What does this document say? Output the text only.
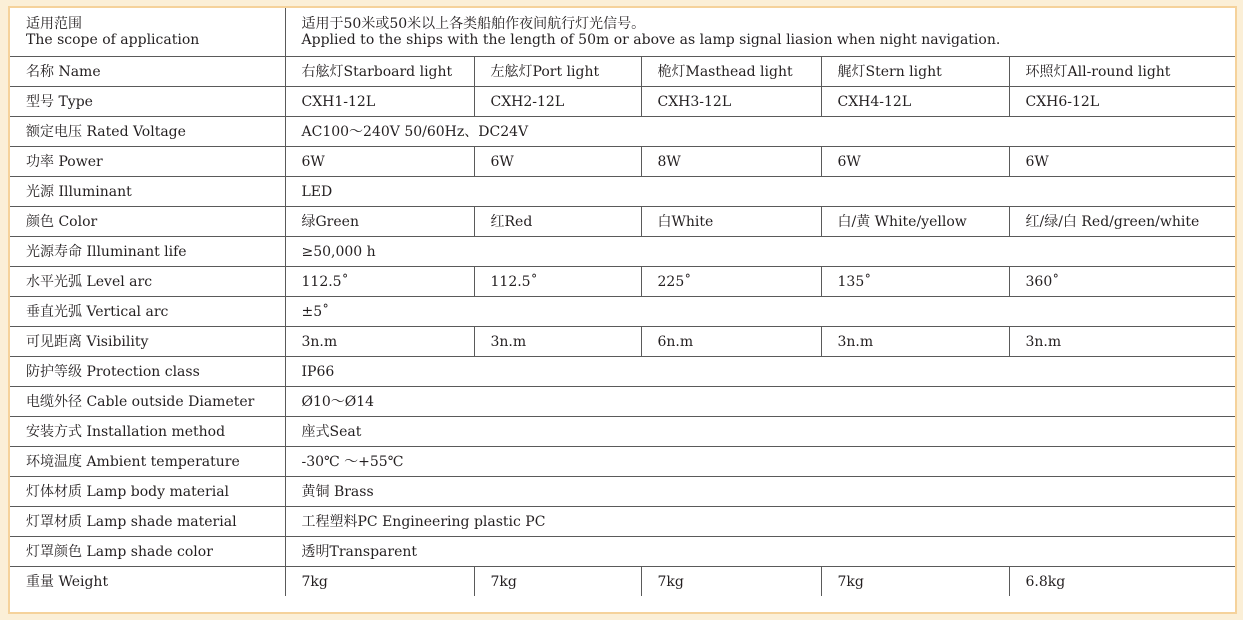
适用范围
The scope of application	适用于50米或50米以上各类船舶作夜间航行灯光信号。
Applied to the ships with the length of 50m or above as lamp signal liasion when night navigation.				

名称 Name	右舷灯Starboard light	左舷灯Port light	桅灯Masthead light	艉灯Stern light	环照灯All-round light
型号 Type	CXH1-12L	CXH2-12L	CXH3-12L	CXH4-12L	CXH6-12L
额定电压 Rated Voltage	AC100～240V 50/60Hz、DC24V				
功率 Power	6W	6W	8W	6W	6W
光源 Illuminant	LED				
颜色 Color	绿Green	红Red	白White	白/黄 White/yellow	红/绿/白 Red/green/white
光源寿命 Illuminant life	≥50,000 h				
水平光弧 Level arc	112.5˚	112.5˚	225˚	135˚	360˚
垂直光弧 Vertical arc	±5˚				
可见距离 Visibility	3n.m	3n.m	6n.m	3n.m	3n.m
防护等级 Protection class	IP66				
电缆外径 Cable outside Diameter	Ø10～Ø14				
安装方式 Installation method	座式Seat				
环境温度 Ambient temperature	-30℃ ～+55℃				
灯体材质 Lamp body material	黄铜 Brass				
灯罩材质 Lamp shade material	工程塑料PC Engineering plastic PC				
灯罩颜色 Lamp shade color	透明Transparent				
重量 Weight	7kg	7kg	7kg	7kg	6.8kg
